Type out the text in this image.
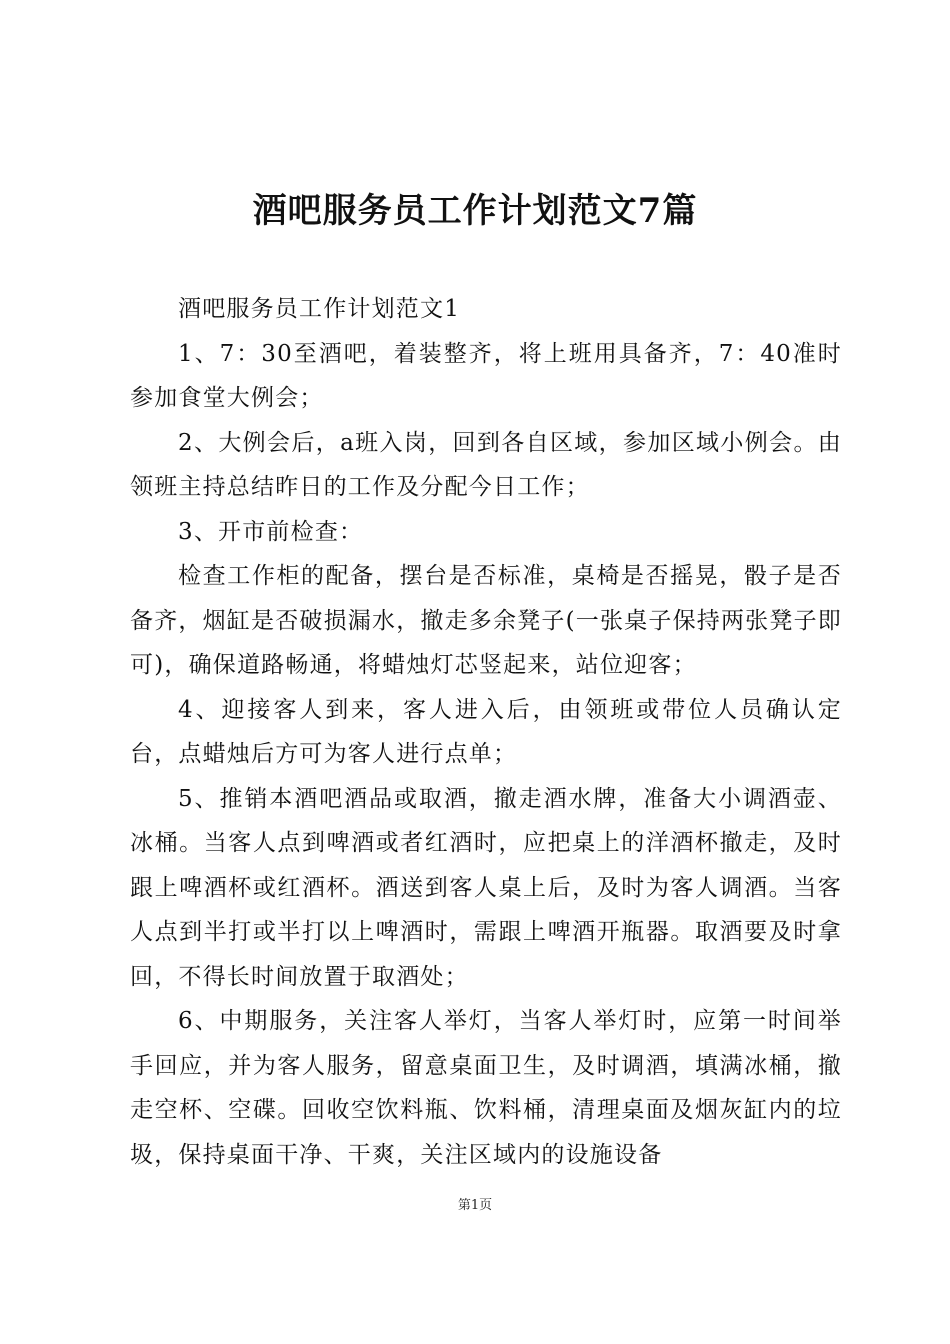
酒吧服务员工作计划范文7篇

酒吧服务员工作计划范文1

1、7：30至酒吧，着装整齐，将上班用具备齐，7：40准时参加食堂大例会；

2、大例会后，a班入岗，回到各自区域，参加区域小例会。由领班主持总结昨日的工作及分配今日工作；

3、开市前检查：

检查工作柜的配备，摆台是否标准，桌椅是否摇晃，骰子是否备齐，烟缸是否破损漏水，撤走多余凳子(一张桌子保持两张凳子即可)，确保道路畅通，将蜡烛灯芯竖起来，站位迎客；

4、迎接客人到来，客人进入后，由领班或带位人员确认定台，点蜡烛后方可为客人进行点单；

5、推销本酒吧酒品或取酒，撤走酒水牌，准备大小调酒壶、冰桶。当客人点到啤酒或者红酒时，应把桌上的洋酒杯撤走，及时跟上啤酒杯或红酒杯。酒送到客人桌上后，及时为客人调酒。当客人点到半打或半打以上啤酒时，需跟上啤酒开瓶器。取酒要及时拿回，不得长时间放置于取酒处；

6、中期服务，关注客人举灯，当客人举灯时，应第一时间举手回应，并为客人服务，留意桌面卫生，及时调酒，填满冰桶，撤走空杯、空碟。回收空饮料瓶、饮料桶，清理桌面及烟灰缸内的垃圾，保持桌面干净、干爽，关注区域内的设施设备

第1页
